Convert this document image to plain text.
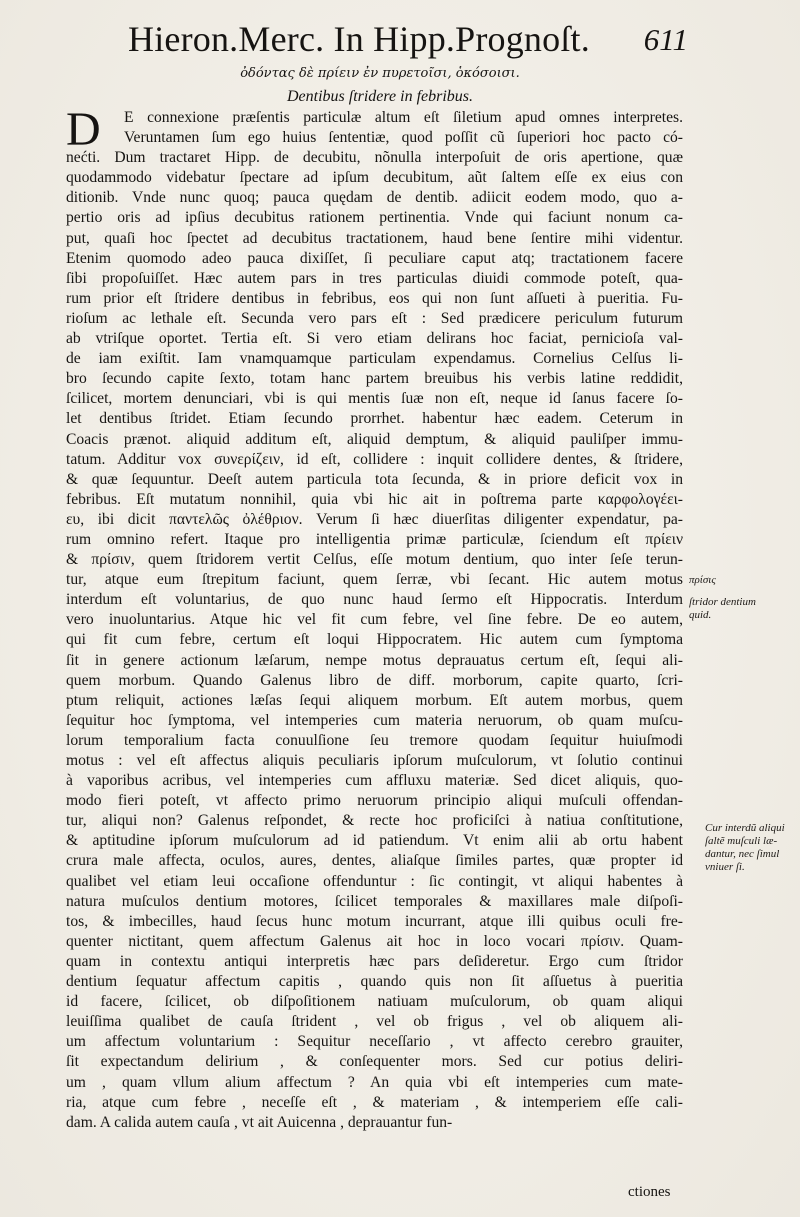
Hieron.Merc. In Hipp.Prognoſt. 611
ὀδόντας δὲ πρίειν ἐν πυρετοῖσι, ὁκόσοισι.
Dentibus ſtridere in febribus.
D	E connexione præſentis particulæ altum eſt ſiletium apud omnes interpretes.
Veruntamen ſum ego huius ſententiæ, quod poſſit cũ ſuperiori hoc pacto có-
nećti. Dum tractaret Hipp. de decubitu, nõnulla interpoſuit de oris apertione, quæ
quodammodo videbatur ſpectare ad ipſum decubitum, aũt ſaltem eſſe ex eius con
ditionib. Vnde nunc quoq; pauca quędam de dentib. adiicit eodem modo, quo a-
pertio oris ad ipſius decubitus rationem pertinentia. Vnde qui faciunt nonum ca-
put, quaſi hoc ſpectet ad decubitus tractationem, haud bene ſentire mihi videntur.
Etenim quomodo adeo pauca dixiſſet, ſi peculiare caput atq; tractationem facere
ſibi propoſuiſſet. Hæc autem pars in tres particulas diuidi commode poteſt, qua-
rum prior eſt ſtridere dentibus in febribus, eos qui non ſunt aſſueti à pueritia. Fu-
rioſum ac lethale eſt. Secunda vero pars eſt : Sed prædicere periculum futurum
ab vtriſque oportet. Tertia eſt. Si vero etiam delirans hoc faciat, pernicioſa val-
de iam exiſtit. Iam vnamquamque particulam expendamus. Cornelius Celſus li-
bro ſecundo capite ſexto, totam hanc partem breuibus his verbis latine reddidit,
ſcilicet, mortem denunciari, vbi is qui mentis ſuæ non eſt, neque id ſanus facere ſo-
let dentibus ſtridet. Etiam ſecundo prorrhet. habentur hæc eadem. Ceterum in
Coacis prænot. aliquid additum eſt, aliquid demptum, & aliquid pauliſper immu-
tatum. Additur vox συνερίζειν, id eſt, collidere : inquit collidere dentes, & ſtridere,
& quæ ſequuntur. Deeſt autem particula tota ſecunda, & in priore deficit vox in
febribus. Eſt mutatum nonnihil, quia vbi hic ait in poſtrema parte καρφολογέει-
ευ, ibi dicit παντελῶς ὀλέθριον. Verum ſi hæc diuerſitas diligenter expendatur, pa-
rum omnino refert. Itaque pro intelligentia primæ particulæ, ſciendum eſt πρίειν
& πρίσιν, quem ſtridorem vertit Celſus, eſſe motum dentium, quo inter ſeſe terun-
tur, atque eum ſtrepitum faciunt, quem ſerræ, vbi ſecant. Hic autem motus
interdum eſt voluntarius, de quo nunc haud ſermo eſt Hippocratis. Interdum
vero inuoluntarius. Atque hic vel fit cum febre, vel ſine febre. De eo autem,
qui fit cum febre, certum eſt loqui Hippocratem. Hic autem cum ſymptoma
ſit in genere actionum læſarum, nempe motus deprauatus certum eſt, ſequi ali-
quem morbum. Quando Galenus libro de diff. morborum, capite quarto, ſcri-
ptum reliquit, actiones læſas ſequi aliquem morbum. Eſt autem morbus, quem
ſequitur hoc ſymptoma, vel intemperies cum materia neruorum, ob quam muſcu-
lorum temporalium facta conuulſione ſeu tremore quodam ſequitur huiuſmodi
motus : vel eſt affectus aliquis peculiaris ipſorum muſculorum, vt ſolutio continui
à vaporibus acribus, vel intemperies cum affluxu materiæ. Sed dicet aliquis, quo-
modo fieri poteſt, vt affecto primo neruorum principio aliqui muſculi offendan-
tur, aliqui non? Galenus reſpondet, & recte hoc proficiſci à natiua conſtitutione,
& aptitudine ipſorum muſculorum ad id patiendum. Vt enim alii ab ortu habent
crura male affecta, oculos, aures, dentes, aliaſque ſimiles partes, quæ propter id
qualibet vel etiam leui occaſione offenduntur : ſic contingit, vt aliqui habentes à
natura muſculos dentium motores, ſcilicet temporales & maxillares male diſpoſi-
tos, & imbecilles, haud ſecus hunc motum incurrant, atque illi quibus oculi fre-
quenter nictitant, quem affectum Galenus ait hoc in loco vocari πρίσιν. Quam-
quam in contextu antiqui interpretis hæc pars deſideretur. Ergo cum ſtridor
dentium ſequatur affectum capitis , quando quis non ſit aſſuetus à pueritia
id facere, ſcilicet, ob diſpoſitionem natiuam muſculorum, ob quam aliqui
leuiſſima qualibet de cauſa ſtrident , vel ob frigus , vel ob aliquem ali-
um affectum voluntarium : Sequitur neceſſario , vt affecto cerebro grauiter,
ſit expectandum delirium , & conſequenter mors. Sed cur potius deliri-
um , quam vllum alium affectum ? An quia vbi eſt intemperies cum mate-
ria, atque cum febre , neceſſe eſt , & materiam , & intemperiem eſſe cali-
dam. A calida autem cauſa , vt ait Auicenna , deprauantur fun-
πρίσις
ſtridor dentium quid.
Cur interdũ aliqui ſaltẽ muſculi læ-dantur, nec ſimul vniuer ſi.
ctiones
